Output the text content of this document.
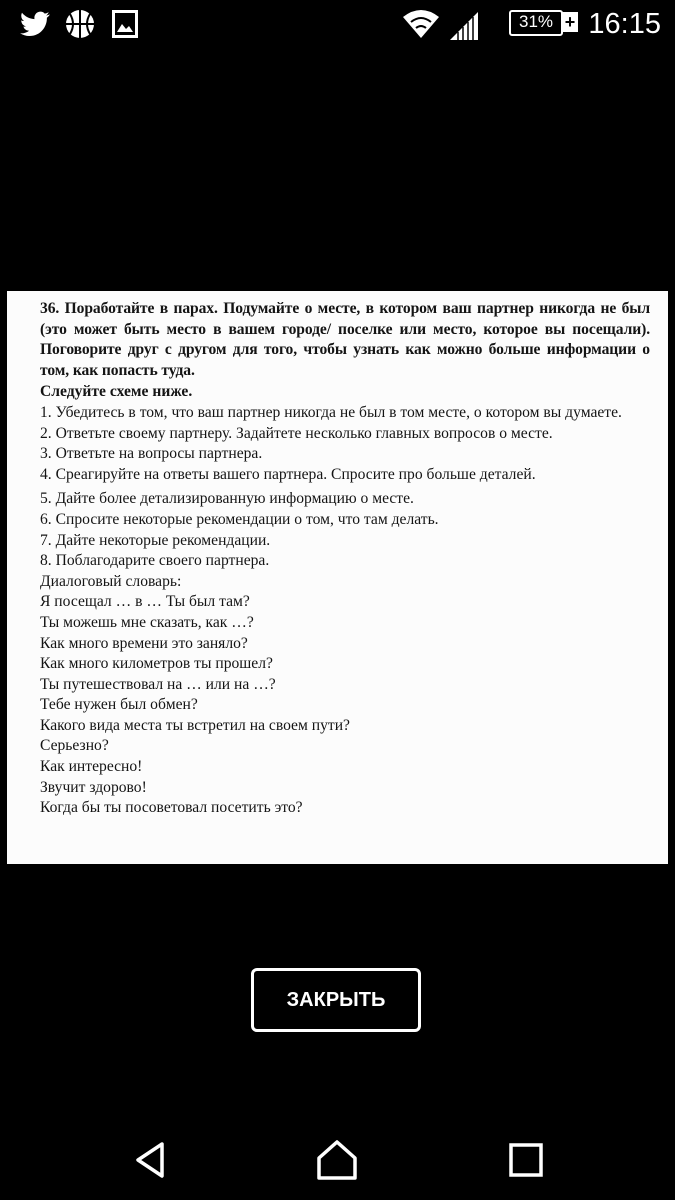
31% + 16:15
36. Поработайте в парах. Подумайте о месте, в котором ваш партнер никогда не был (это может быть место в вашем городе/ поселке или место, которое вы посещали). Поговорите друг с другом для того, чтобы узнать как можно больше информации о том, как попасть туда.
Следуйте схеме ниже.
1. Убедитесь в том, что ваш партнер никогда не был в том месте, о котором вы думаете.
2. Ответьте своему партнеру. Задайтете несколько главных вопросов о месте.
3. Ответьте на вопросы партнера.
4. Среагируйте на ответы вашего партнера. Спросите про больше деталей.
5. Дайте более детализированную информацию о месте.
6. Спросите некоторые рекомендации о том, что там делать.
7. Дайте некоторые рекомендации.
8. Поблагодарите своего партнера.
Диалоговый словарь:
Я посещал … в … Ты был там?
Ты можешь мне сказать, как …?
Как много времени это заняло?
Как много километров ты прошел?
Ты путешествовал на … или на …?
Тебе нужен был обмен?
Какого вида места ты встретил на своем пути?
Серьезно?
Как интересно!
Звучит здорово!
Когда бы ты посоветовал посетить это?
ЗАКРЫТЬ
